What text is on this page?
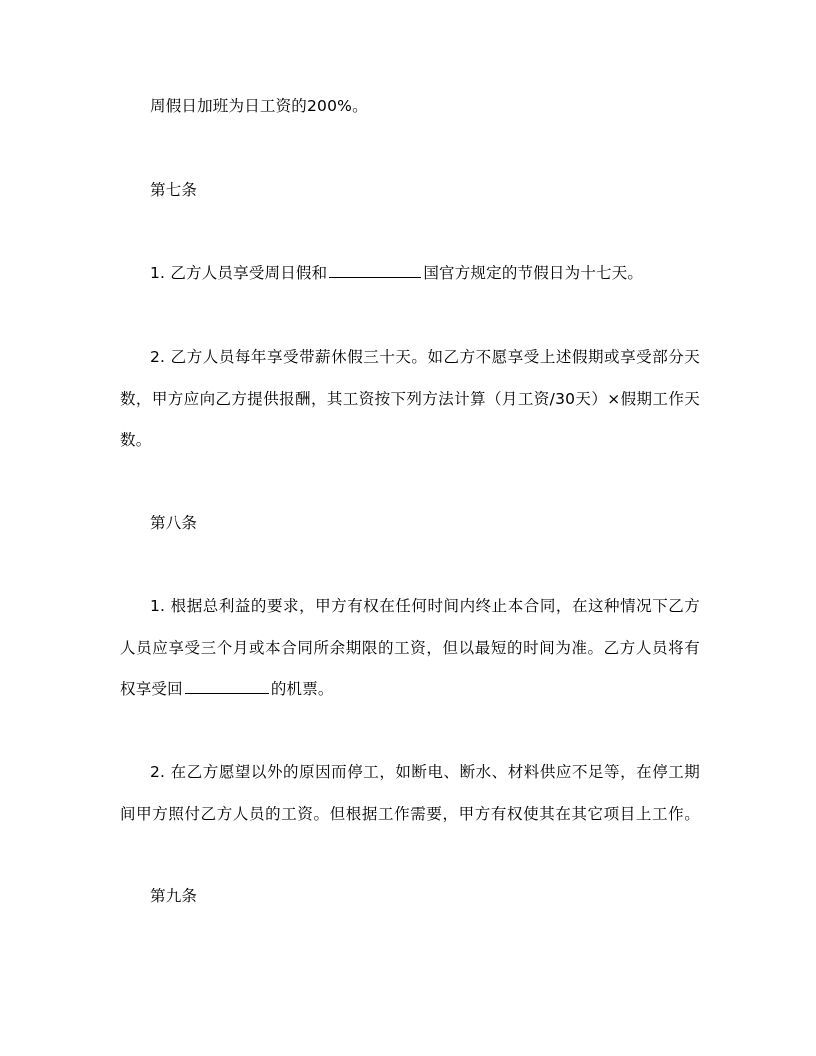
周假日加班为日工资的200%。
第七条
1. 乙方人员享受周日假和	国官方规定的节假日为十七天。
2. 乙方人员每年享受带薪休假三十天。如乙方不愿享受上述假期或享受部分天
数，甲方应向乙方提供报酬，其工资按下列方法计算（月工资/30天）×假期工作天
数。
第八条
1. 根据总利益的要求，甲方有权在任何时间内终止本合同，在这种情况下乙方
人员应享受三个月或本合同所余期限的工资，但以最短的时间为准。乙方人员将有
权享受回	的机票。
2. 在乙方愿望以外的原因而停工，如断电、断水、材料供应不足等，在停工期
间甲方照付乙方人员的工资。但根据工作需要，甲方有权使其在其它项目上工作。
第九条
